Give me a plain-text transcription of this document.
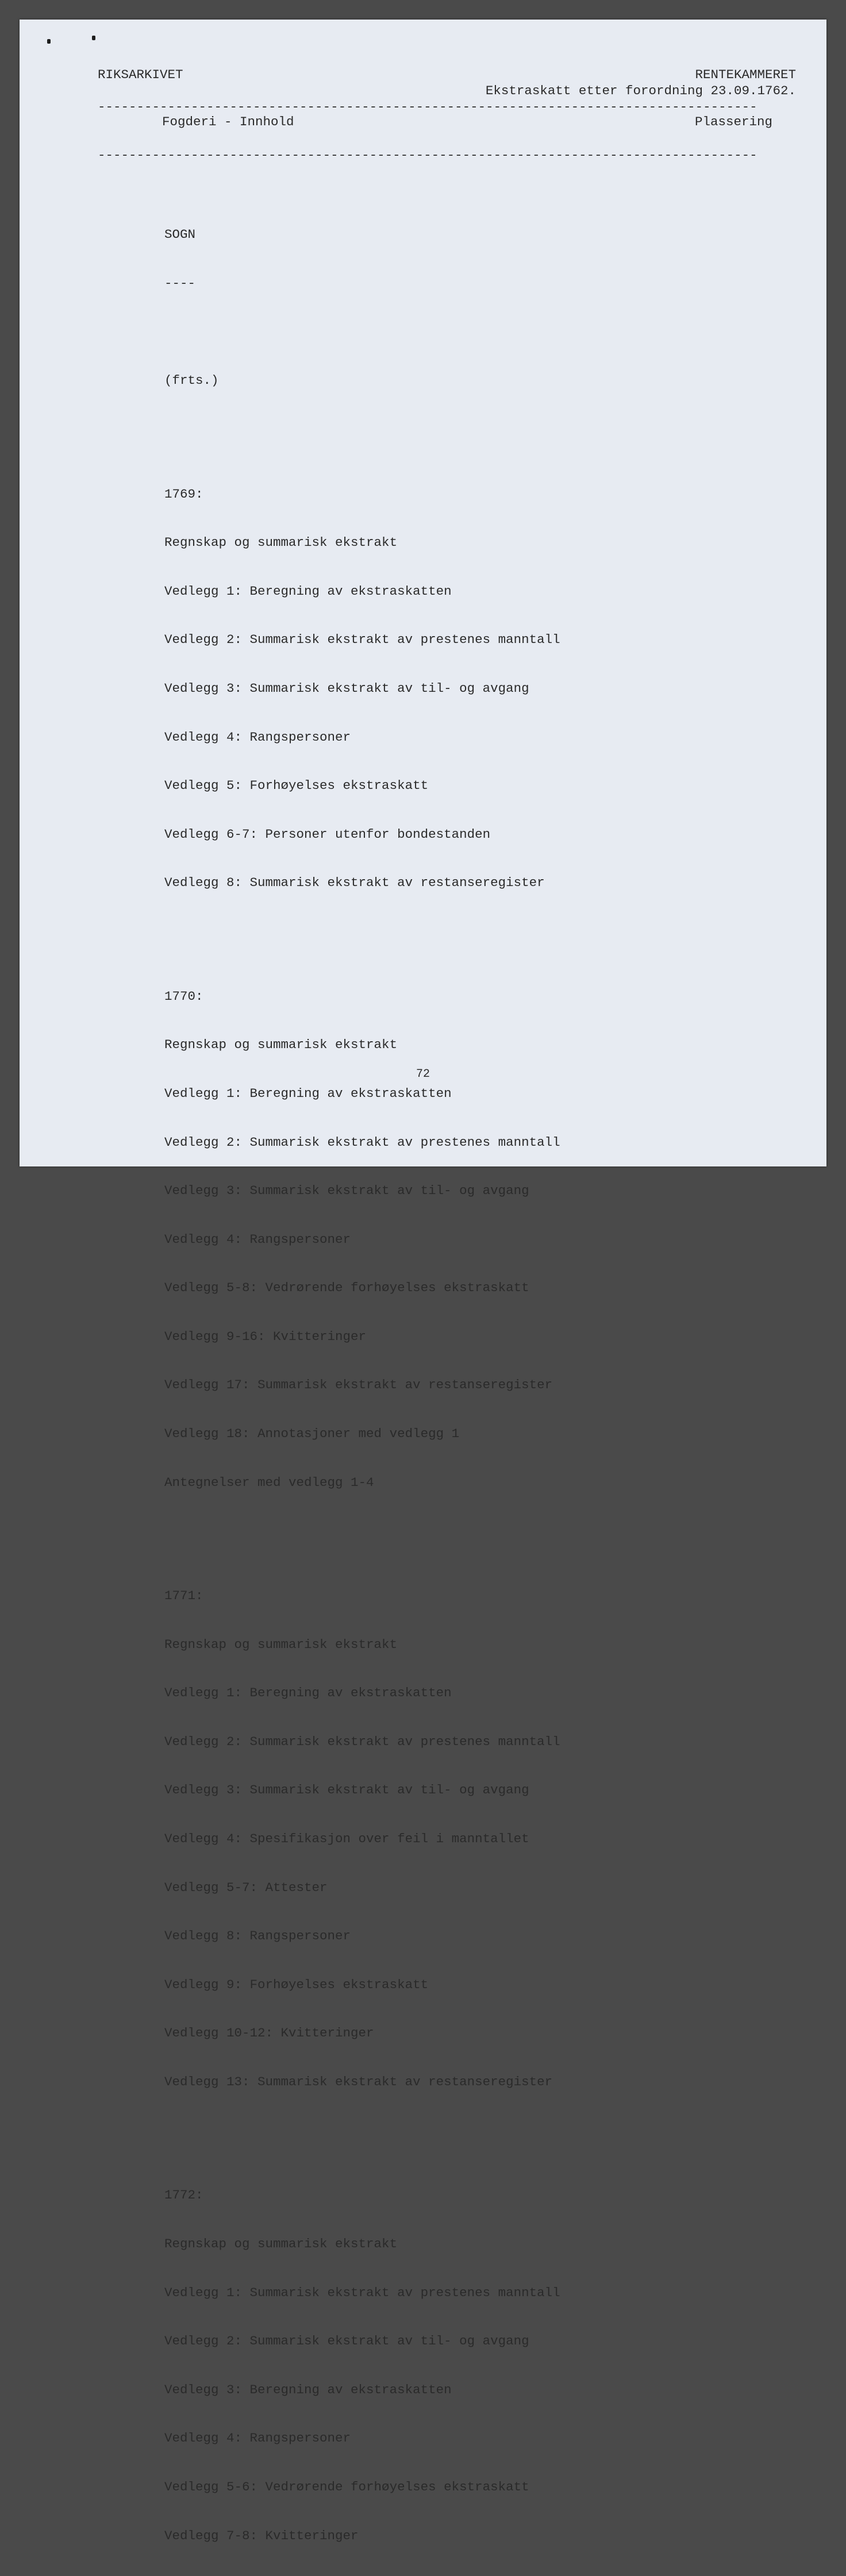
RIKSARKIVET	RENTEKAMMERET
Ekstraskatt etter forordning 23.09.1762.
-------------------------------------------------------------------------------------
Fogderi - Innhold	Plassering
-------------------------------------------------------------------------------------

SOGN

----

(frts.)

1769:

Regnskap og summarisk ekstrakt

Vedlegg 1: Beregning av ekstraskatten

Vedlegg 2: Summarisk ekstrakt av prestenes manntall

Vedlegg 3: Summarisk ekstrakt av til- og avgang

Vedlegg 4: Rangspersoner

Vedlegg 5: Forhøyelses ekstraskatt

Vedlegg 6-7: Personer utenfor bondestanden

Vedlegg 8: Summarisk ekstrakt av restanseregister

1770:

Regnskap og summarisk ekstrakt

Vedlegg 1: Beregning av ekstraskatten

Vedlegg 2: Summarisk ekstrakt av prestenes manntall

Vedlegg 3: Summarisk ekstrakt av til- og avgang

Vedlegg 4: Rangspersoner

Vedlegg 5-8: Vedrørende forhøyelses ekstraskatt

Vedlegg 9-16: Kvitteringer

Vedlegg 17: Summarisk ekstrakt av restanseregister

Vedlegg 18: Annotasjoner med vedlegg 1

Antegnelser med vedlegg 1-4

1771:

Regnskap og summarisk ekstrakt

Vedlegg 1: Beregning av ekstraskatten

Vedlegg 2: Summarisk ekstrakt av prestenes manntall

Vedlegg 3: Summarisk ekstrakt av til- og avgang

Vedlegg 4: Spesifikasjon over feil i manntallet

Vedlegg 5-7: Attester

Vedlegg 8: Rangspersoner

Vedlegg 9: Forhøyelses ekstraskatt

Vedlegg 10-12: Kvitteringer

Vedlegg 13: Summarisk ekstrakt av restanseregister

1772:

Regnskap og summarisk ekstrakt

Vedlegg 1: Summarisk ekstrakt av prestenes manntall

Vedlegg 2: Summarisk ekstrakt av til- og avgang

Vedlegg 3: Beregning av ekstraskatten

Vedlegg 4: Rangspersoner

Vedlegg 5-6: Vedrørende forhøyelses ekstraskatt

Vedlegg 7-8: Kvitteringer

72
